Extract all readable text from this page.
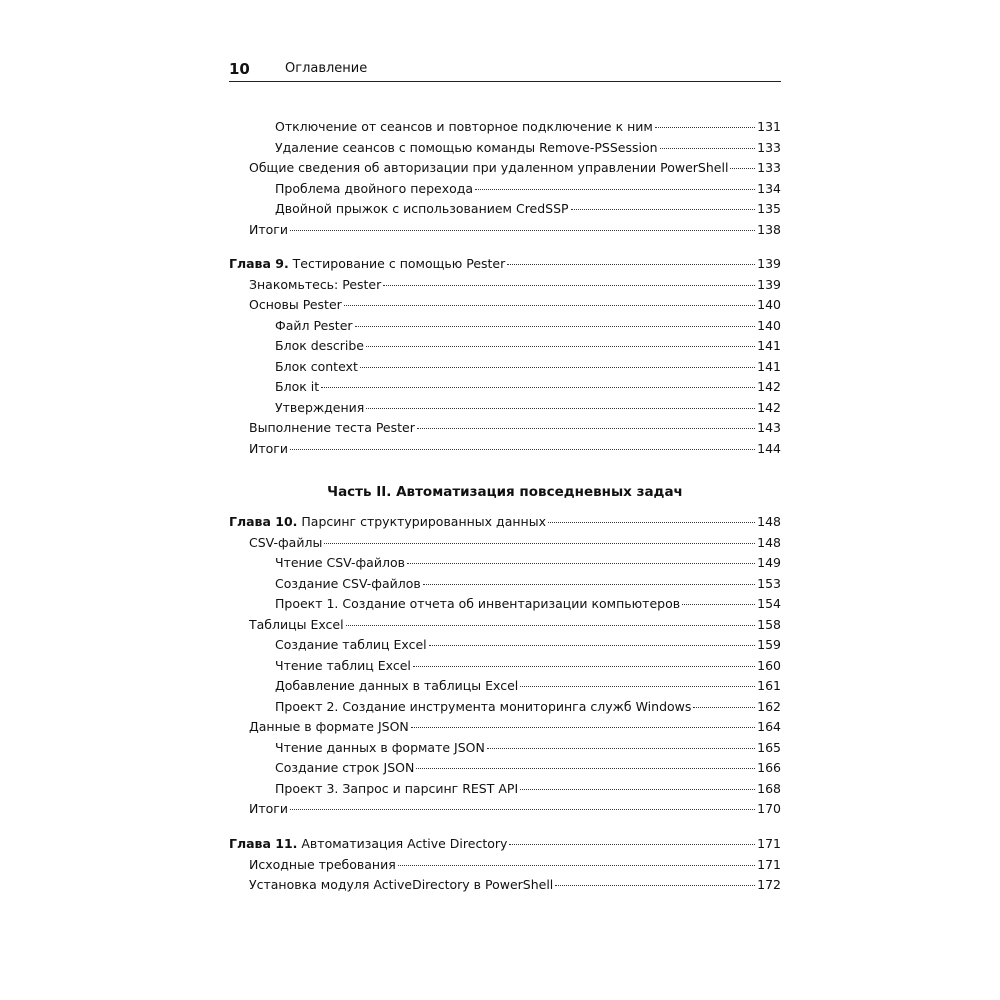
10	Оглавление
Отключение от сеансов и повторное подключение к ним	131
Удаление сеансов с помощью команды Remove-PSSession	133
Общие сведения об авторизации при удаленном управлении PowerShell 133
Проблема двойного перехода	134
Двойной прыжок с использованием CredSSP	135
Итоги	138
Глава 9. Тестирование с помощью Pester	139
Знакомьтесь: Pester	139
Основы Pester	140
Файл Pester	140
Блок describe	141
Блок context	141
Блок it	142
Утверждения	142
Выполнение теста Pester	143
Итоги	144
Часть II. Автоматизация повседневных задач
Глава 10. Парсинг структурированных данных	148
CSV-файлы	148
Чтение CSV-файлов	149
Создание CSV-файлов	153
Проект 1. Создание отчета об инвентаризации компьютеров	154
Таблицы Excel	158
Создание таблиц Excel	159
Чтение таблиц Excel	160
Добавление данных в таблицы Excel	161
Проект 2. Создание инструмента мониторинга служб Windows	162
Данные в формате JSON	164
Чтение данных в формате JSON	165
Создание строк JSON	166
Проект 3. Запрос и парсинг REST API	168
Итоги	170
Глава 11. Автоматизация Active Directory	171
Исходные требования	171
Установка модуля ActiveDirectory в PowerShell	172
